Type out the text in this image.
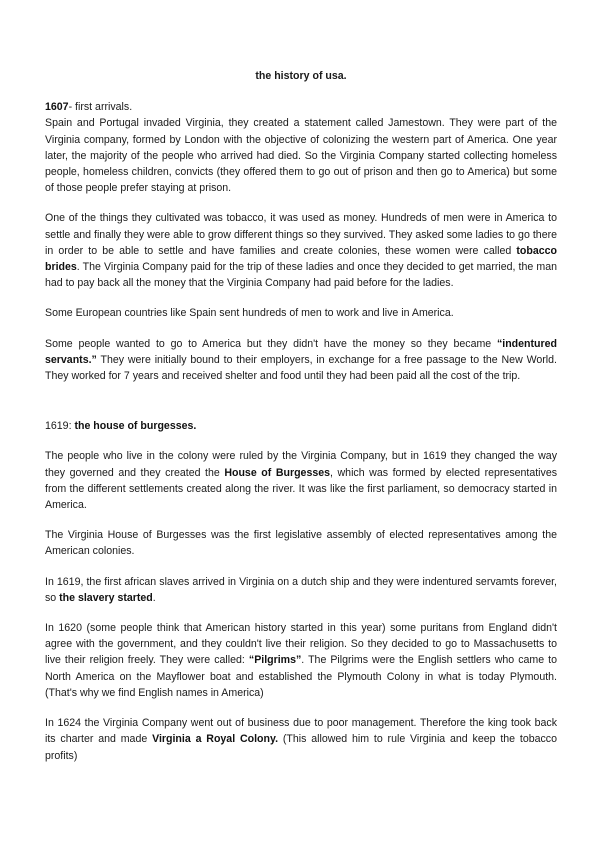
the history of usa.

1607- first arrivals.

Spain and Portugal invaded Virginia, they created a statement called Jamestown. They were part of the Virginia company, formed by London with the objective of colonizing the western part of America. One year later, the majority of the people who arrived had died. So the Virginia Company started collecting homeless people, homeless children, convicts (they offered them to go out of prison and then go to America) but some of those people prefer staying at prison.

One of the things they cultivated was tobacco, it was used as money. Hundreds of men were in America to settle and finally they were able to grow different things so they survived. They asked some ladies to go there in order to be able to settle and have families and create colonies, these women were called tobacco brides. The Virginia Company paid for the trip of these ladies and once they decided to get married, the man had to pay back all the money that the Virginia Company had paid before for the ladies.

Some European countries like Spain sent hundreds of men to work and live in America.

Some people wanted to go to America but they didn't have the money so they became “indentured servants.” They were initially bound to their employers, in exchange for a free passage to the New World. They worked for 7 years and received shelter and food until they had been paid all the cost of the trip.

1619: the house of burgesses.

The people who live in the colony were ruled by the Virginia Company, but in 1619 they changed the way they governed and they created the House of Burgesses, which was formed by elected representatives from the different settlements created along the river. It was like the first parliament, so democracy started in America.

The Virginia House of Burgesses was the first legislative assembly of elected representatives among the American colonies.

In 1619, the first african slaves arrived in Virginia on a dutch ship and they were indentured servamts forever, so the slavery started.

In 1620 (some people think that American history started in this year) some puritans from England didn't agree with the government, and they couldn't live their religion. So they decided to go to Massachusetts to live their religion freely. They were called: “Pilgrims”. The Pilgrims were the English settlers who came to North America on the Mayflower boat and established the Plymouth Colony in what is today Plymouth. (That's why we find English names in America)

In 1624 the Virginia Company went out of business due to poor management. Therefore the king took back its charter and made Virginia a Royal Colony. (This allowed him to rule Virginia and keep the tobacco profits)
